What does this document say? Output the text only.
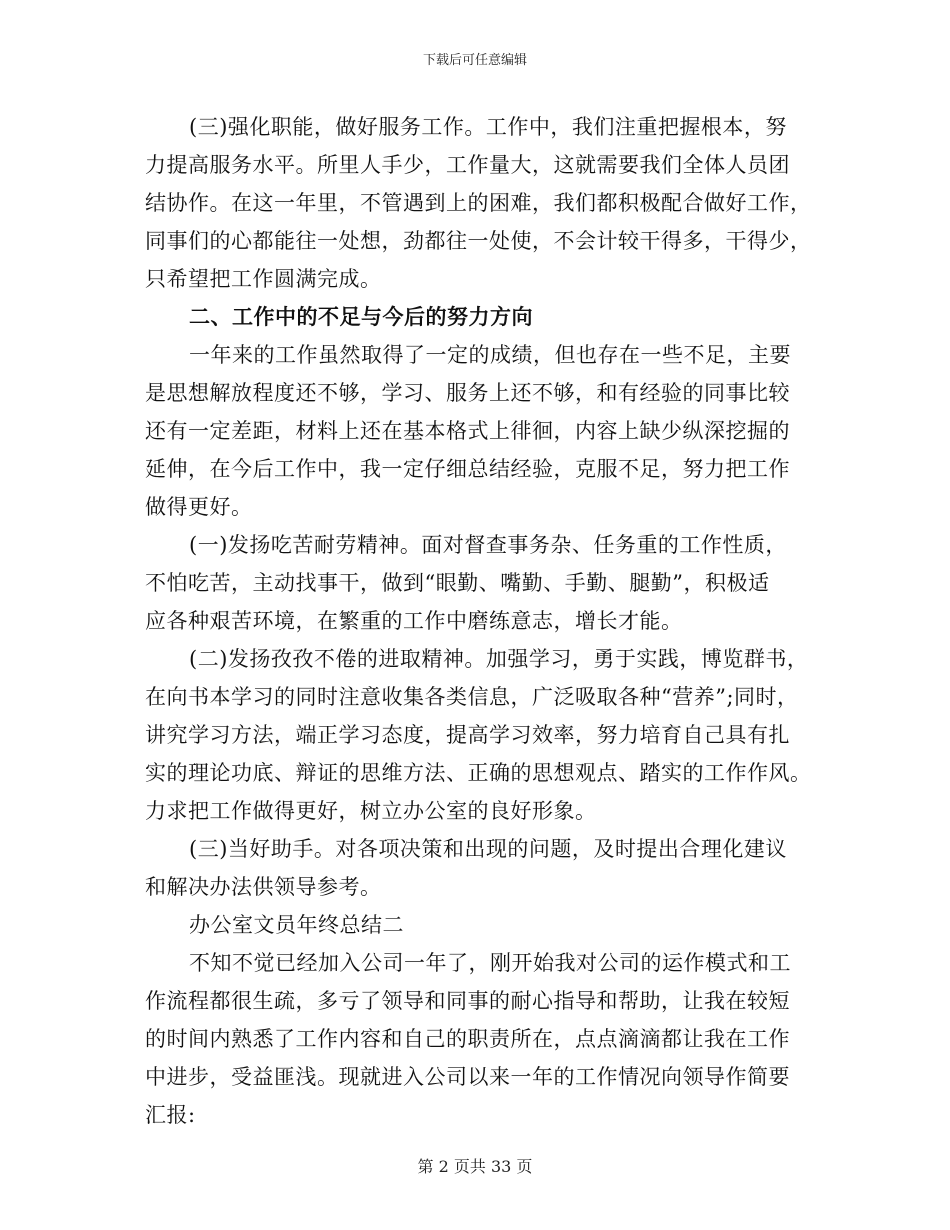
下载后可任意编辑
(三)强化职能，做好服务工作。工作中，我们注重把握根本，努
力提高服务水平。所里人手少，工作量大，这就需要我们全体人员团
结协作。在这一年里，不管遇到上的困难，我们都积极配合做好工作，
同事们的心都能往一处想，劲都往一处使，不会计较干得多，干得少，
只希望把工作圆满完成。
二、工作中的不足与今后的努力方向
一年来的工作虽然取得了一定的成绩，但也存在一些不足，主要
是思想解放程度还不够，学习、服务上还不够，和有经验的同事比较
还有一定差距，材料上还在基本格式上徘徊，内容上缺少纵深挖掘的
延伸，在今后工作中，我一定仔细总结经验，克服不足，努力把工作
做得更好。
(一)发扬吃苦耐劳精神。面对督查事务杂、任务重的工作性质，
不怕吃苦，主动找事干，做到“眼勤、嘴勤、手勤、腿勤”，积极适
应各种艰苦环境，在繁重的工作中磨练意志，增长才能。
(二)发扬孜孜不倦的进取精神。加强学习，勇于实践，博览群书，
在向书本学习的同时注意收集各类信息，广泛吸取各种“营养”;同时，
讲究学习方法，端正学习态度，提高学习效率，努力培育自己具有扎
实的理论功底、辩证的思维方法、正确的思想观点、踏实的工作作风。
力求把工作做得更好，树立办公室的良好形象。
(三)当好助手。对各项决策和出现的问题，及时提出合理化建议
和解决办法供领导参考。
办公室文员年终总结二
不知不觉已经加入公司一年了，刚开始我对公司的运作模式和工
作流程都很生疏，多亏了领导和同事的耐心指导和帮助，让我在较短
的时间内熟悉了工作内容和自己的职责所在，点点滴滴都让我在工作
中进步，受益匪浅。现就进入公司以来一年的工作情况向领导作简要
汇报:
第 2 页共 33 页
